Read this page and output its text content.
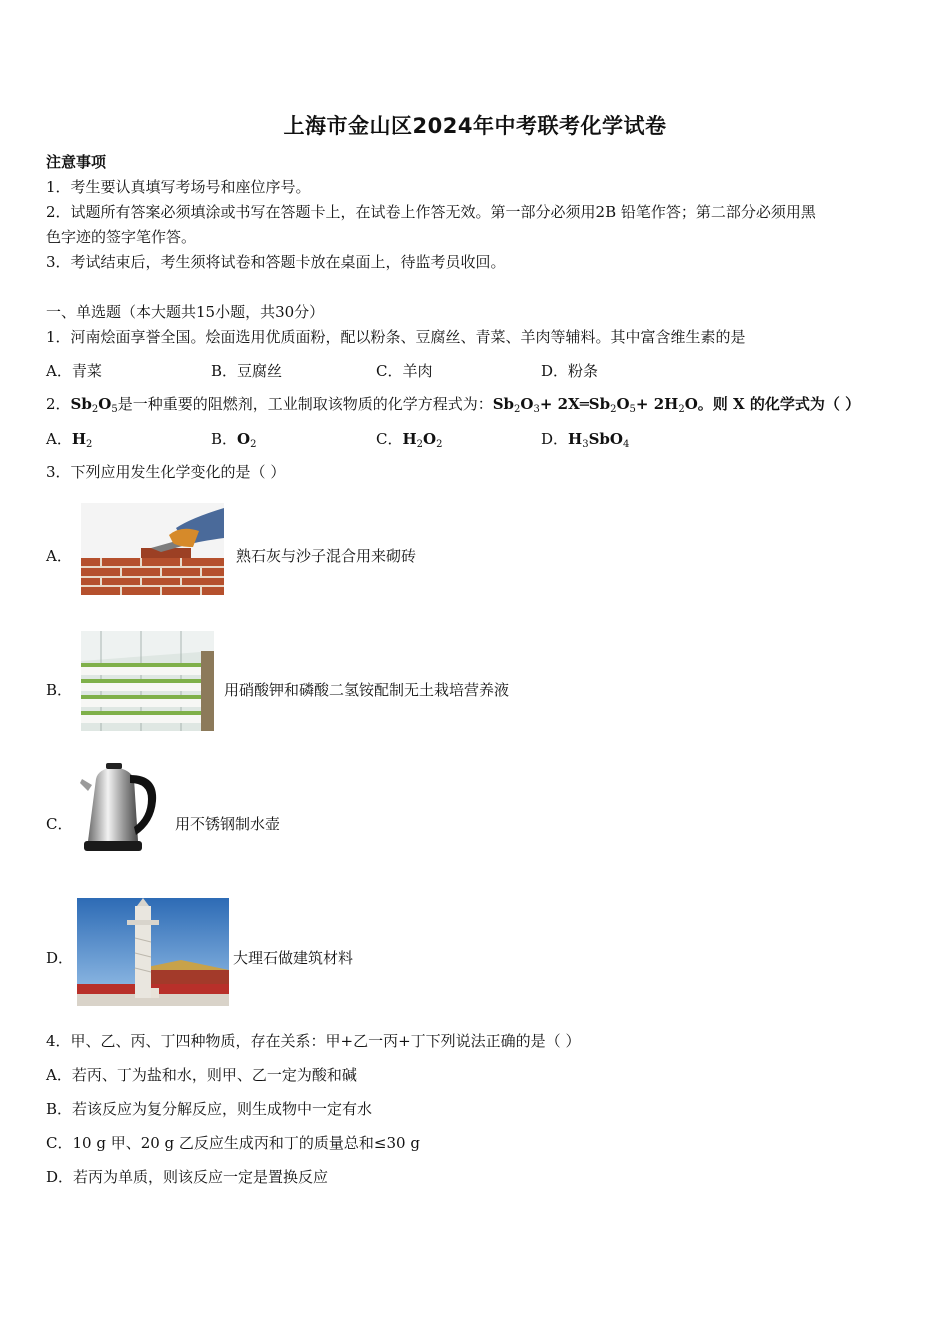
上海市金山区2024年中考联考化学试卷
注意事项
1．考生要认真填写考场号和座位序号。
2．试题所有答案必须填涂或书写在答题卡上，在试卷上作答无效。第一部分必须用2B 铅笔作答；第二部分必须用黑
色字迹的签字笔作答。
3．考试结束后，考生须将试卷和答题卡放在桌面上，待监考员收回。
一、单选题（本大题共15小题，共30分）
1．河南烩面享誉全国。烩面选用优质面粉，配以粉条、豆腐丝、青菜、羊肉等辅料。其中富含维生素的是
A．青菜	B．豆腐丝	C．羊肉	D．粉条
2．$Sb_2O_5$是一种重要的阻燃剂，工业制取该物质的化学方程式为：$Sb_2O_3+$ $2X═Sb_2O_5+ 2H_2O$。则 X 的化学式为（ ）
A．$H_2$	B．$O_2$	C．$H_2O_2$	D．$H_3SbO_4$
3．下列应用发生化学变化的是（ ）
A．	熟石灰与沙子混合用来砌砖
B．	用硝酸钾和磷酸二氢铵配制无土栽培营养液
C．	用不锈钢制水壶
D．	大理石做建筑材料
4．甲、乙、丙、丁四种物质，存在关系：甲+乙一丙+丁下列说法正确的是（ ）
A．若丙、丁为盐和水，则甲、乙一定为酸和碱
B．若该反应为复分解反应，则生成物中一定有水
C．10 g 甲、20 g 乙反应生成丙和丁的质量总和≤30 g
D．若丙为单质，则该反应一定是置换反应
